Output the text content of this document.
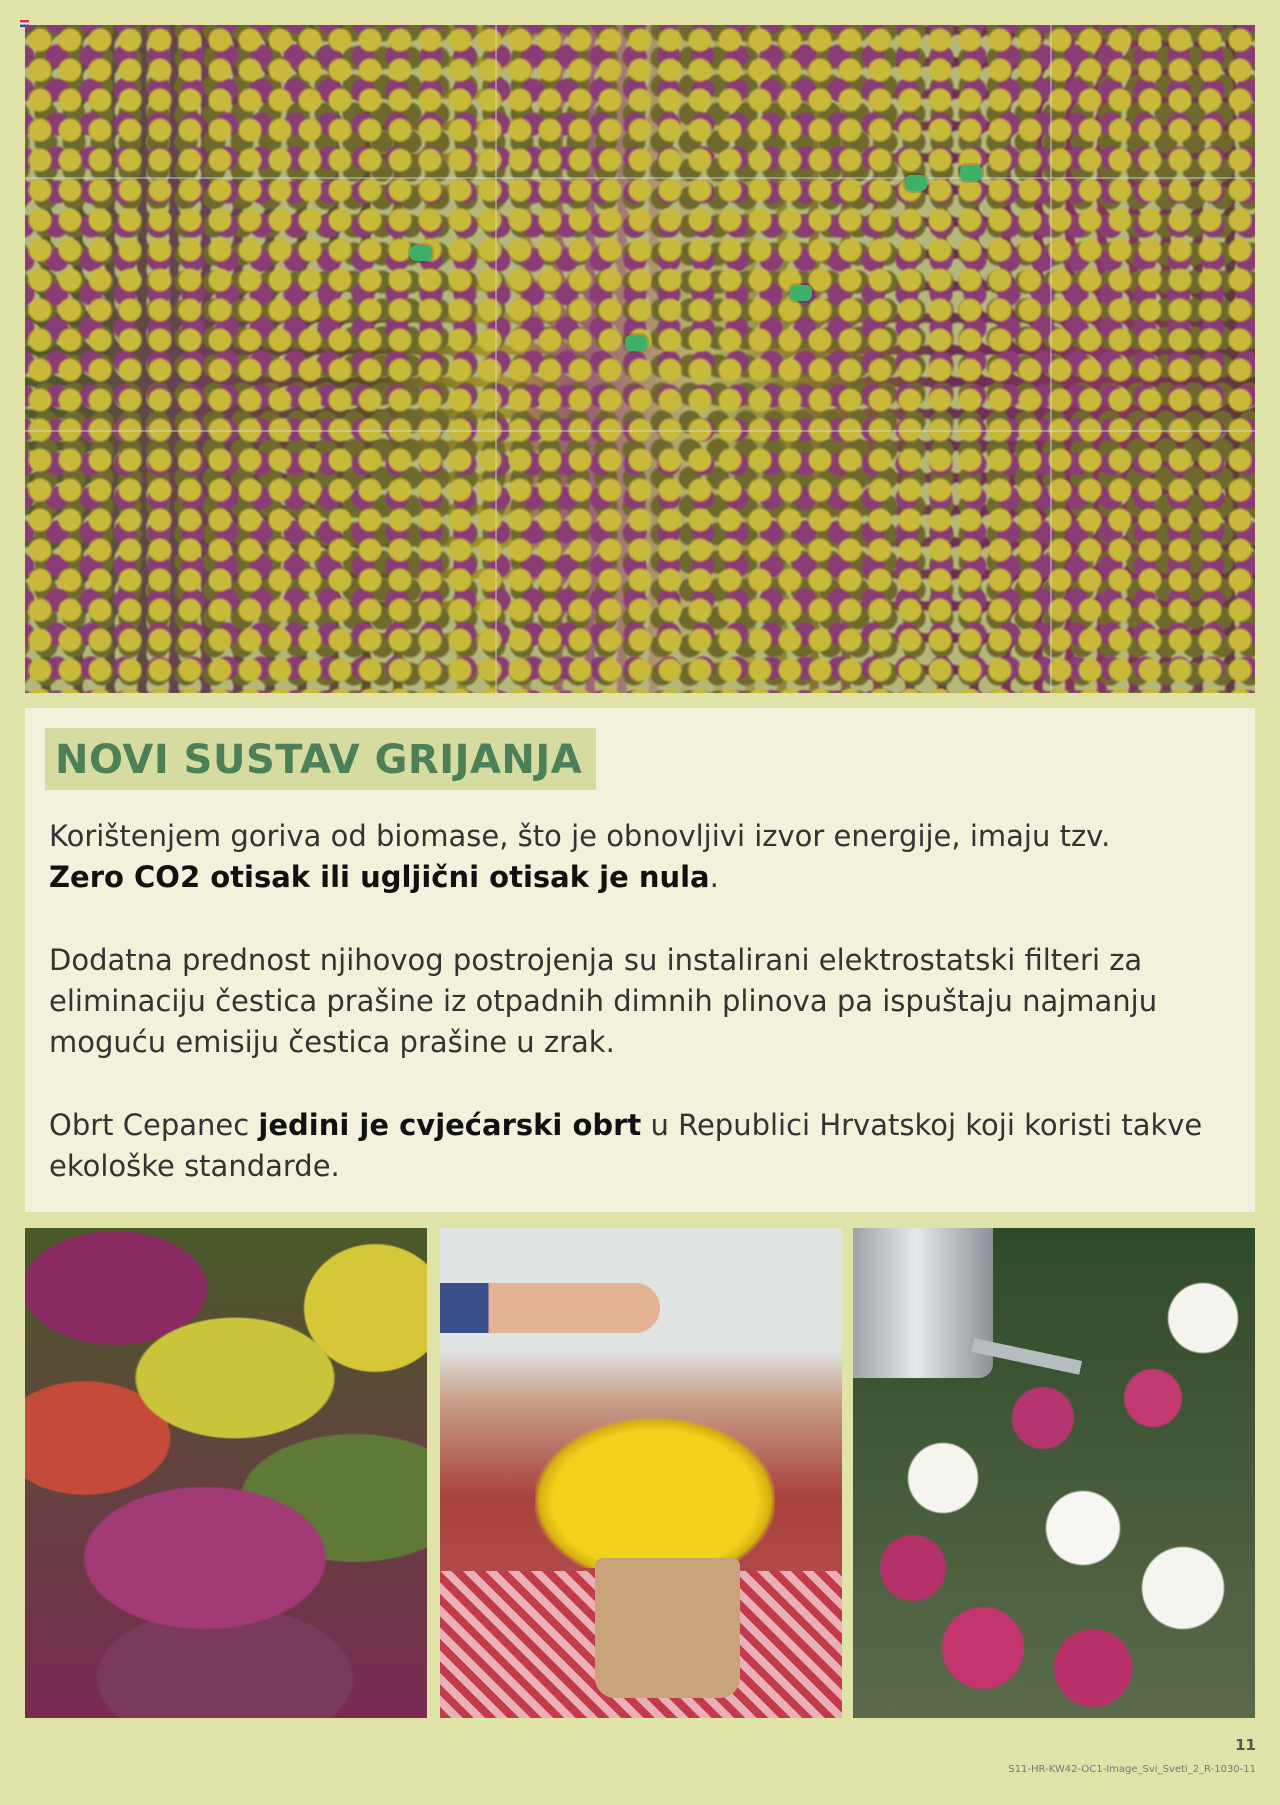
NOVI SUSTAV GRIJANJA

Korištenjem goriva od biomase, što je obnovljivi izvor energije, imaju tzv.
Zero CO2 otisak ili ugljični otisak je nula.

Dodatna prednost njihovog postrojenja su instalirani elektrostatski filteri za eliminaciju čestica prašine iz otpadnih dimnih plinova pa ispuštaju najmanju moguću emisiju čestica prašine u zrak.

Obrt Cepanec jedini je cvjećarski obrt u Republici Hrvatskoj koji koristi takve ekološke standarde.

11
S11-HR-KW42-OC1-Image_Svi_Sveti_2_R-1030-11
